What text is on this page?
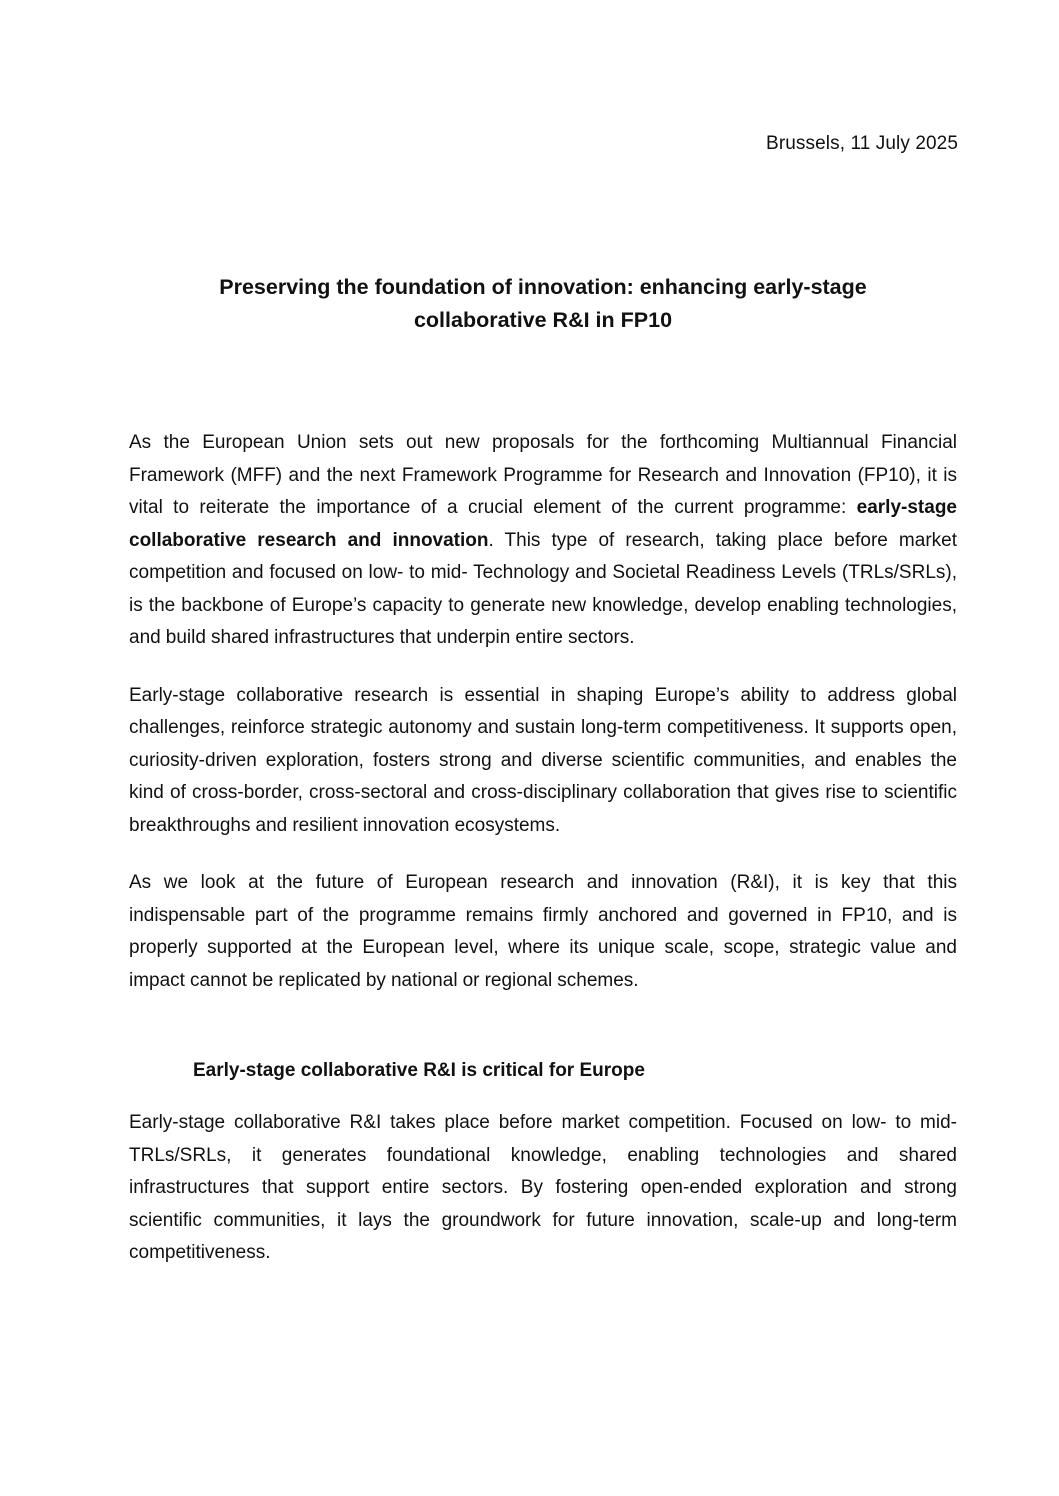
Brussels, 11 July 2025
Preserving the foundation of innovation: enhancing early-stage
collaborative R&I in FP10

As the European Union sets out new proposals for the forthcoming Multiannual Financial Framework (MFF) and the next Framework Programme for Research and Innovation (FP10), it is vital to reiterate the importance of a crucial element of the current programme: early-stage collaborative research and innovation. This type of research, taking place before market competition and focused on low- to mid- Technology and Societal Readiness Levels (TRLs/SRLs), is the backbone of Europe’s capacity to generate new knowledge, develop enabling technologies, and build shared infrastructures that underpin entire sectors.

Early-stage collaborative research is essential in shaping Europe’s ability to address global challenges, reinforce strategic autonomy and sustain long-term competitiveness. It supports open, curiosity-driven exploration, fosters strong and diverse scientific communities, and enables the kind of cross-border, cross-sectoral and cross-disciplinary collaboration that gives rise to scientific breakthroughs and resilient innovation ecosystems.

As we look at the future of European research and innovation (R&I), it is key that this indispensable part of the programme remains firmly anchored and governed in FP10, and is properly supported at the European level, where its unique scale, scope, strategic value and impact cannot be replicated by national or regional schemes.

Early-stage collaborative R&I is critical for Europe

Early-stage collaborative R&I takes place before market competition. Focused on low- to mid- TRLs/SRLs, it generates foundational knowledge, enabling technologies and shared infrastructures that support entire sectors. By fostering open-ended exploration and strong scientific communities, it lays the groundwork for future innovation, scale-up and long-term competitiveness.
